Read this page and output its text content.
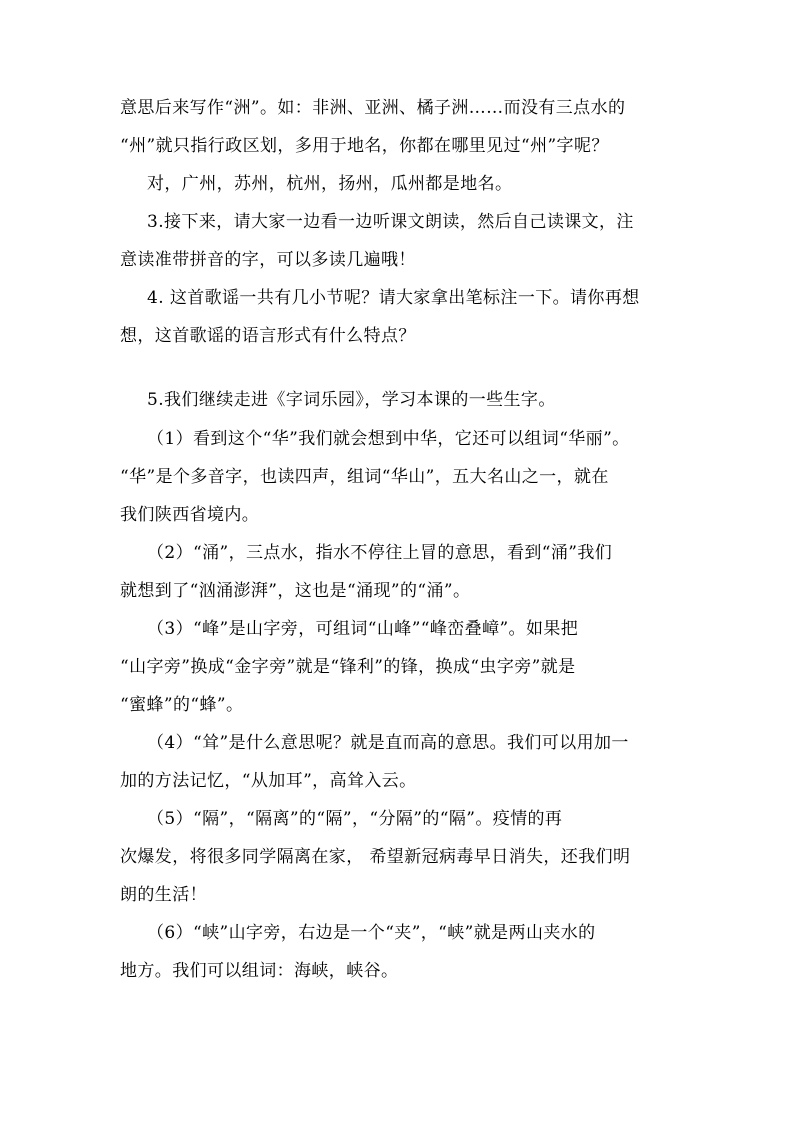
意思后来写作“洲”。如：非洲、亚洲、橘子洲……而没有三点水的
“州”就只指行政区划，多用于地名，你都在哪里见过“州”字呢？
对，广州，苏州，杭州，扬州，瓜州都是地名。
3.接下来，请大家一边看一边听课文朗读，然后自己读课文，注
意读准带拼音的字，可以多读几遍哦！
4. 这首歌谣一共有几小节呢？请大家拿出笔标注一下。请你再想
想，这首歌谣的语言形式有什么特点？
5.我们继续走进《字词乐园》，学习本课的一些生字。
（1）看到这个“华”我们就会想到中华，它还可以组词“华丽”。
“华”是个多音字，也读四声，组词“华山”，五大名山之一，就在
我们陕西省境内。
（2）“涌”，三点水，指水不停往上冒的意思，看到“涌”我们
就想到了“汹涌澎湃”，这也是“涌现”的“涌”。
（3）“峰”是山字旁，可组词“山峰”“峰峦叠嶂”。如果把
“山字旁”换成“金字旁”就是“锋利”的锋，换成“虫字旁”就是
“蜜蜂”的“蜂”。
（4）“耸”是什么意思呢？就是直而高的意思。我们可以用加一
加的方法记忆，“从加耳”，高耸入云。
（5）“隔”，“隔离”的“隔”，“分隔”的“隔”。疫情的再
次爆发，将很多同学隔离在家， 希望新冠病毒早日消失，还我们明
朗的生活！
（6）“峡”山字旁，右边是一个“夹”，“峡”就是两山夹水的
地方。我们可以组词：海峡，峡谷。
